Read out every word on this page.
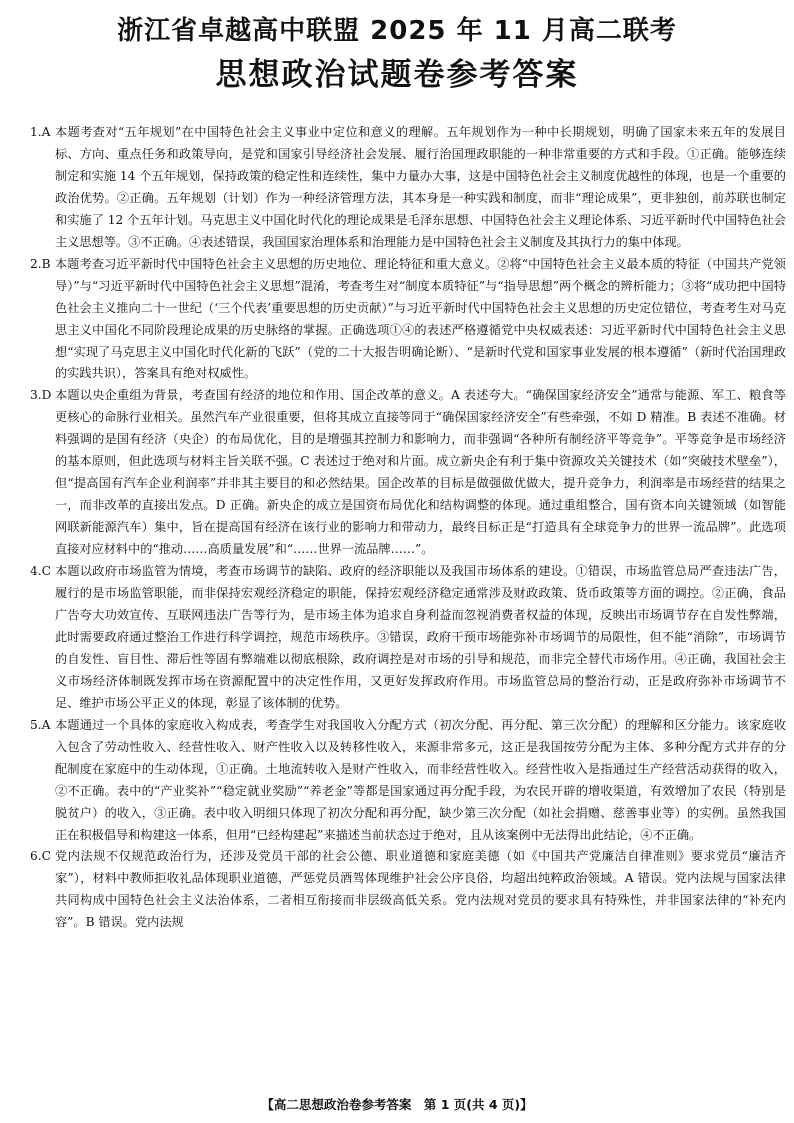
浙江省卓越高中联盟 2025 年 11 月高二联考
思想政治试题卷参考答案
1.A 本题考查对“五年规划”在中国特色社会主义事业中定位和意义的理解。五年规划作为一种中长期规划，明确了国家未来五年的发展目标、方向、重点任务和政策导向，是党和国家引导经济社会发展、履行治国理政职能的一种非常重要的方式和手段。①正确。能够连续制定和实施 14 个五年规划，保持政策的稳定性和连续性，集中力量办大事，这是中国特色社会主义制度优越性的体现，也是一个重要的政治优势。②正确。五年规划（计划）作为一种经济管理方法，其本身是一种实践和制度，而非“理论成果”，更非独创，前苏联也制定和实施了 12 个五年计划。马克思主义中国化时代化的理论成果是毛泽东思想、中国特色社会主义理论体系、习近平新时代中国特色社会主义思想等。③不正确。④表述错误，我国国家治理体系和治理能力是中国特色社会主义制度及其执行力的集中体现。

2.B 本题考查习近平新时代中国特色社会主义思想的历史地位、理论特征和重大意义。②将“中国特色社会主义最本质的特征（中国共产党领导）”与“习近平新时代中国特色社会主义思想”混淆，考查考生对“制度本质特征”与“指导思想”两个概念的辨析能力；③将“成功把中国特色社会主义推向二十一世纪（‘三个代表’重要思想的历史贡献）”与习近平新时代中国特色社会主义思想的历史定位错位，考查考生对马克思主义中国化不同阶段理论成果的历史脉络的掌握。正确选项①④的表述严格遵循党中央权威表述：习近平新时代中国特色社会主义思想“实现了马克思主义中国化时代化新的飞跃”（党的二十大报告明确论断）、“是新时代党和国家事业发展的根本遵循”（新时代治国理政的实践共识），答案具有绝对权威性。

3.D 本题以央企重组为背景，考查国有经济的地位和作用、国企改革的意义。A 表述夸大。“确保国家经济安全”通常与能源、军工、粮食等更核心的命脉行业相关。虽然汽车产业很重要，但将其成立直接等同于“确保国家经济安全”有些牵强，不如 D 精准。B 表述不准确。材料强调的是国有经济（央企）的布局优化，目的是增强其控制力和影响力，而非强调“各种所有制经济平等竞争”。平等竞争是市场经济的基本原则，但此选项与材料主旨关联不强。C 表述过于绝对和片面。成立新央企有利于集中资源攻关关键技术（如“突破技术壁垒”），但“提高国有汽车企业利润率”并非其主要目的和必然结果。国企改革的目标是做强做优做大，提升竞争力，利润率是市场经营的结果之一，而非改革的直接出发点。D 正确。新央企的成立是国资布局优化和结构调整的体现。通过重组整合，国有资本向关键领域（如智能网联新能源汽车）集中，旨在提高国有经济在该行业的影响力和带动力，最终目标正是“打造具有全球竞争力的世界一流品牌”。此选项直接对应材料中的“推动……高质量发展”和“……世界一流品牌……”。

4.C 本题以政府市场监管为情境，考查市场调节的缺陷、政府的经济职能以及我国市场体系的建设。①错误，市场监管总局严查违法广告，履行的是市场监管职能，而非保持宏观经济稳定的职能，保持宏观经济稳定通常涉及财政政策、货币政策等方面的调控。②正确，食品广告夸大功效宣传、互联网违法广告等行为，是市场主体为追求自身利益而忽视消费者权益的体现，反映出市场调节存在自发性弊端，此时需要政府通过整治工作进行科学调控，规范市场秩序。③错误，政府干预市场能弥补市场调节的局限性，但不能“消除”，市场调节的自发性、盲目性、滞后性等固有弊端难以彻底根除，政府调控是对市场的引导和规范，而非完全替代市场作用。④正确，我国社会主义市场经济体制既发挥市场在资源配置中的决定性作用，又更好发挥政府作用。市场监管总局的整治行动，正是政府弥补市场调节不足、维护市场公平正义的体现，彰显了该体制的优势。

5.A 本题通过一个具体的家庭收入构成表，考查学生对我国收入分配方式（初次分配、再分配、第三次分配）的理解和区分能力。该家庭收入包含了劳动性收入、经营性收入、财产性收入以及转移性收入，来源非常多元，这正是我国按劳分配为主体、多种分配方式并存的分配制度在家庭中的生动体现，①正确。土地流转收入是财产性收入，而非经营性收入。经营性收入是指通过生产经营活动获得的收入，②不正确。表中的“产业奖补”“稳定就业奖励”“养老金”等都是国家通过再分配手段，为农民开辟的增收渠道，有效增加了农民（特别是脱贫户）的收入，③正确。表中收入明细只体现了初次分配和再分配，缺少第三次分配（如社会捐赠、慈善事业等）的实例。虽然我国正在积极倡导和构建这一体系，但用“已经构建起”来描述当前状态过于绝对，且从该案例中无法得出此结论，④不正确。

6.C 党内法规不仅规范政治行为，还涉及党员干部的社会公德、职业道德和家庭美德（如《中国共产党廉洁自律准则》要求党员“廉洁齐家”），材料中教师拒收礼品体现职业道德，严惩党员酒驾体现维护社会公序良俗，均超出纯粹政治领域。A 错误。党内法规与国家法律共同构成中国特色社会主义法治体系，二者相互衔接而非层级高低关系。党内法规对党员的要求具有特殊性，并非国家法律的“补充内容”。B 错误。党内法规

【高二思想政治卷参考答案　第 1 页(共 4 页)】
